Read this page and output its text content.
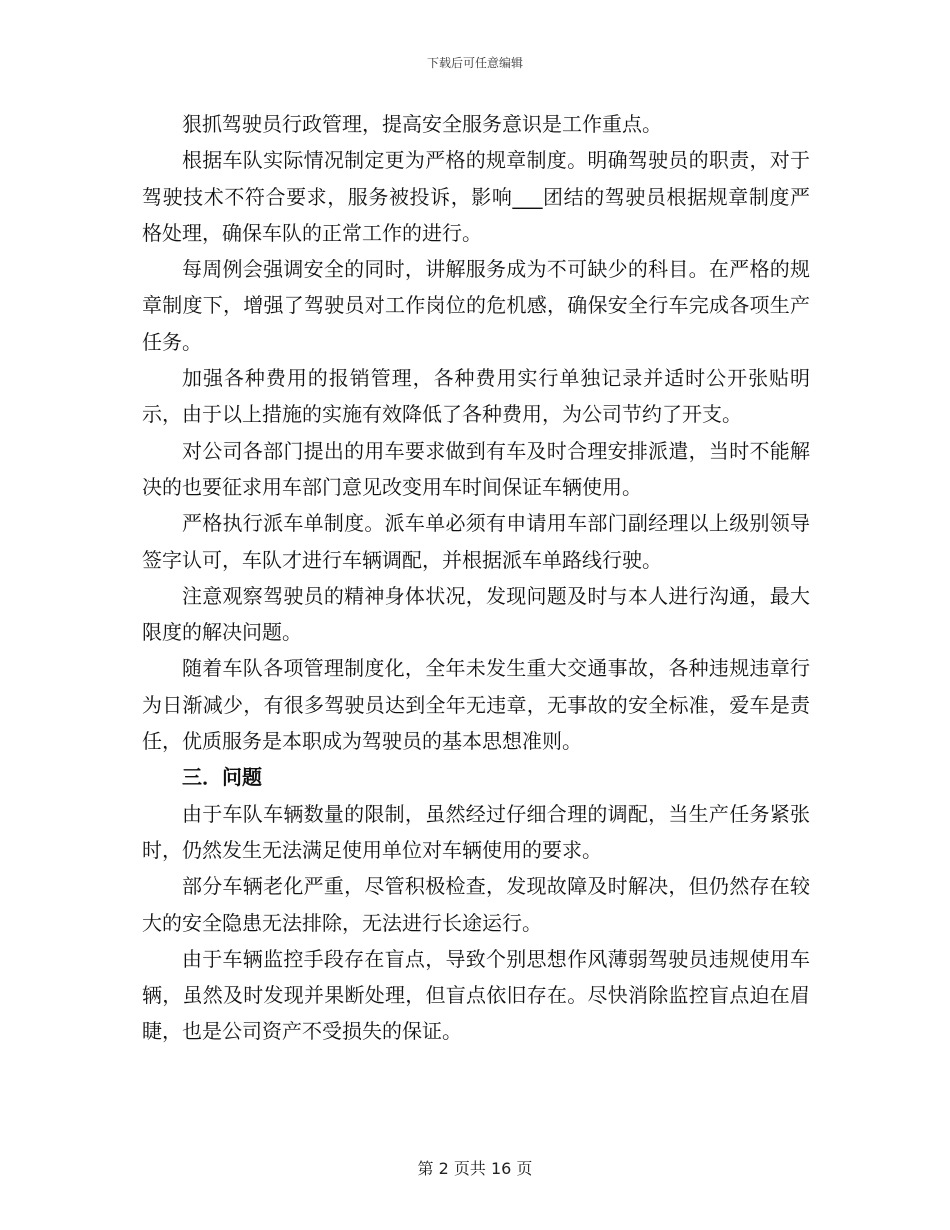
下载后可任意编辑

狠抓驾驶员行政管理，提高安全服务意识是工作重点。

根据车队实际情况制定更为严格的规章制度。明确驾驶员的职责，对于驾驶技术不符合要求，服务被投诉，影响___团结的驾驶员根据规章制度严格处理，确保车队的正常工作的进行。

每周例会强调安全的同时，讲解服务成为不可缺少的科目。在严格的规章制度下，增强了驾驶员对工作岗位的危机感，确保安全行车完成各项生产任务。

加强各种费用的报销管理，各种费用实行单独记录并适时公开张贴明示，由于以上措施的实施有效降低了各种费用，为公司节约了开支。

对公司各部门提出的用车要求做到有车及时合理安排派遣，当时不能解决的也要征求用车部门意见改变用车时间保证车辆使用。

严格执行派车单制度。派车单必须有申请用车部门副经理以上级别领导签字认可，车队才进行车辆调配，并根据派车单路线行驶。

注意观察驾驶员的精神身体状况，发现问题及时与本人进行沟通，最大限度的解决问题。

随着车队各项管理制度化，全年未发生重大交通事故，各种违规违章行为日渐减少，有很多驾驶员达到全年无违章，无事故的安全标准，爱车是责任，优质服务是本职成为驾驶员的基本思想准则。

三．问题

由于车队车辆数量的限制，虽然经过仔细合理的调配，当生产任务紧张时，仍然发生无法满足使用单位对车辆使用的要求。

部分车辆老化严重，尽管积极检查，发现故障及时解决，但仍然存在较大的安全隐患无法排除，无法进行长途运行。

由于车辆监控手段存在盲点，导致个别思想作风薄弱驾驶员违规使用车辆，虽然及时发现并果断处理，但盲点依旧存在。尽快消除监控盲点迫在眉睫，也是公司资产不受损失的保证。

第 2 页共 16 页
